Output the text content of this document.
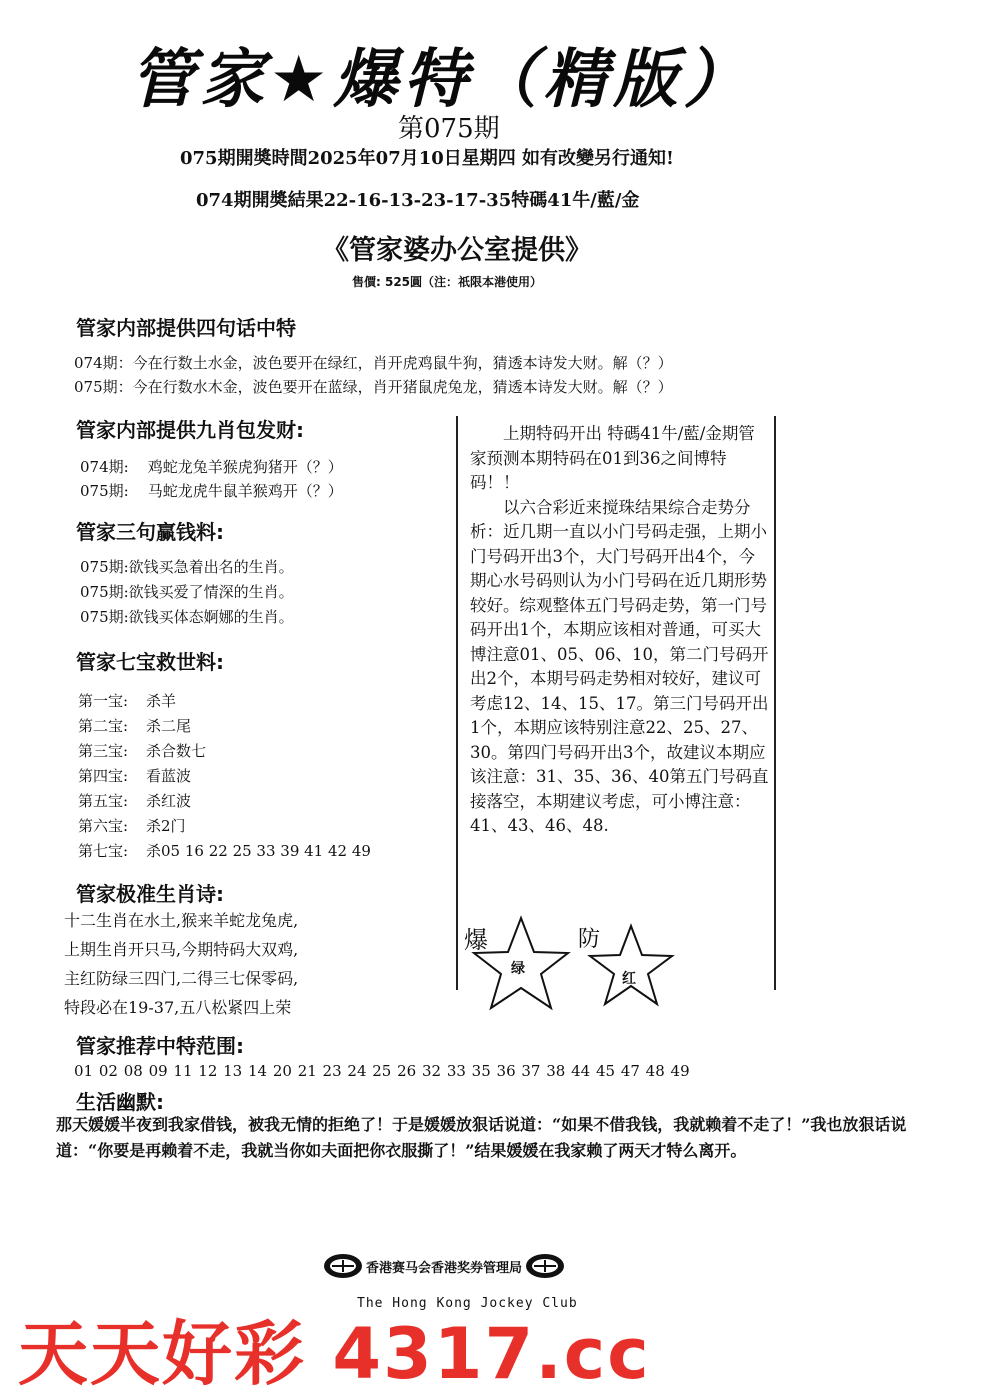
管家★爆特（精版）
第075期
075期開奬時間2025年07月10日星期四 如有改變另行通知!
074期開奬結果22-16-13-23-17-35特碼41牛/藍/金
《管家婆办公室提供》
售價: 525圓（注：祇限本港使用）
管家内部提供四句话中特
074期：今在行数土水金，波色要开在绿红，肖开虎鸡鼠牛狗，猜透本诗发大财。解（？）
075期：今在行数水木金，波色要开在蓝绿，肖开猪鼠虎兔龙，猜透本诗发大财。解（？）
管家内部提供九肖包发财:
074期:    鸡蛇龙兔羊猴虎狗猪开（？）
075期:    马蛇龙虎牛鼠羊猴鸡开（？）
管家三句赢钱料:
075期:欲钱买急着出名的生肖。
075期:欲钱买爱了情深的生肖。
075期:欲钱买体态婀娜的生肖。
管家七宝救世料:
第一宝: 杀羊
第二宝: 杀二尾
第三宝: 杀合数七
第四宝: 看蓝波
第五宝: 杀红波
第六宝: 杀2门
第七宝: 杀05 16 22 25 33 39 41 42 49
管家极准生肖诗:
十二生肖在水土,猴来羊蛇龙兔虎,
上期生肖开只马,今期特码大双鸡,
主红防绿三四门,二得三七保零码,
特段必在19-37,五八松紧四上荣
管家推荐中特范围:
01 02 08 09 11 12 13 14 20 21 23 24 25 26 32 33 35 36 37 38 44 45 47 48 49

上期特码开出 特碼41牛/藍/金期管家预测本期特码在01到36之间博特码！！

以六合彩近来搅珠结果综合走势分析：近几期一直以小门号码走强，上期小门号码开出3个，大门号码开出4个，今期心水号码则认为小门号码在近几期形势较好。综观整体五门号码走势，第一门号码开出1个，本期应该相对普通，可买大博注意01、05、06、10，第二门号码开出2个，本期号码走势相对较好，建议可考虑12、14、15、17。第三门号码开出1个，本期应该特别注意22、25、27、30。第四门号码开出3个，故建议本期应该注意：31、35、36、40第五门号码直接落空，本期建议考虑，可小博注意：41、43、46、48.

爆
绿
防
红
生活幽默:
那天媛媛半夜到我家借钱，被我无情的拒绝了！于是媛媛放狠话说道：“如果不借我钱，我就赖着不走了！”我也放狠话说道：“你要是再赖着不走，我就当你如夫面把你衣服撕了！”结果媛媛在我家赖了两天才特么离开。
香港赛马会香港奖券管理局
The Hong Kong Jockey Club
天天好彩 4317.cc
